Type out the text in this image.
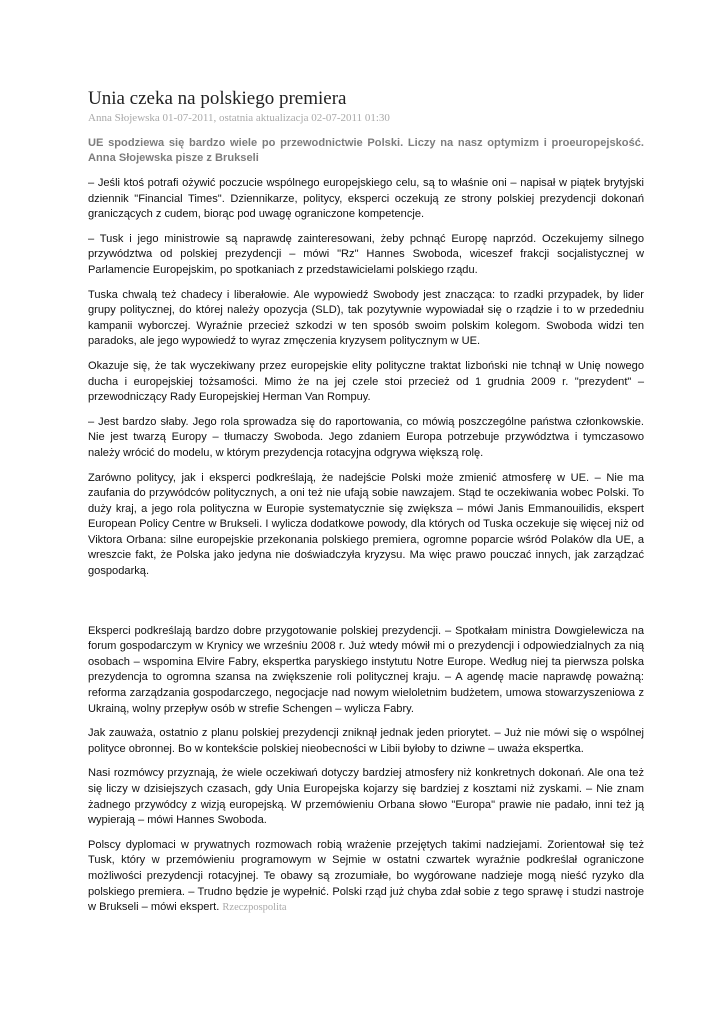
Unia czeka na polskiego premiera
Anna Słojewska 01-07-2011, ostatnia aktualizacja 02-07-2011 01:30

UE spodziewa się bardzo wiele po przewodnictwie Polski. Liczy na nasz optymizm i proeuropejskość. Anna Słojewska pisze z Brukseli

– Jeśli ktoś potrafi ożywić poczucie wspólnego europejskiego celu, są to właśnie oni – napisał w piątek brytyjski dziennik "Financial Times". Dziennikarze, politycy, eksperci oczekują ze strony polskiej prezydencji dokonań graniczących z cudem, biorąc pod uwagę ograniczone kompetencje.

– Tusk i jego ministrowie są naprawdę zainteresowani, żeby pchnąć Europę naprzód. Oczekujemy silnego przywództwa od polskiej prezydencji – mówi "Rz" Hannes Swoboda, wiceszef frakcji socjalistycznej w Parlamencie Europejskim, po spotkaniach z przedstawicielami polskiego rządu.

Tuska chwalą też chadecy i liberałowie. Ale wypowiedź Swobody jest znacząca: to rzadki przypadek, by lider grupy politycznej, do której należy opozycja (SLD), tak pozytywnie wypowiadał się o rządzie i to w przededniu kampanii wyborczej. Wyraźnie przecież szkodzi w ten sposób swoim polskim kolegom. Swoboda widzi ten paradoks, ale jego wypowiedź to wyraz zmęczenia kryzysem politycznym w UE.

Okazuje się, że tak wyczekiwany przez europejskie elity polityczne traktat lizboński nie tchnął w Unię nowego ducha i europejskiej tożsamości. Mimo że na jej czele stoi przecież od 1 grudnia 2009 r. "prezydent" – przewodniczący Rady Europejskiej Herman Van Rompuy.

– Jest bardzo słaby. Jego rola sprowadza się do raportowania, co mówią poszczególne państwa członkowskie. Nie jest twarzą Europy – tłumaczy Swoboda. Jego zdaniem Europa potrzebuje przywództwa i tymczasowo należy wrócić do modelu, w którym prezydencja rotacyjna odgrywa większą rolę.

Zarówno politycy, jak i eksperci podkreślają, że nadejście Polski może zmienić atmosferę w UE. – Nie ma zaufania do przywódców politycznych, a oni też nie ufają sobie nawzajem. Stąd te oczekiwania wobec Polski. To duży kraj, a jego rola polityczna w Europie systematycznie się zwiększa – mówi Janis Emmanouilidis, ekspert European Policy Centre w Brukseli. I wylicza dodatkowe powody, dla których od Tuska oczekuje się więcej niż od Viktora Orbana: silne europejskie przekonania polskiego premiera, ogromne poparcie wśród Polaków dla UE, a wreszcie fakt, że Polska jako jedyna nie doświadczyła kryzysu. Ma więc prawo pouczać innych, jak zarządzać gospodarką.

Eksperci podkreślają bardzo dobre przygotowanie polskiej prezydencji. – Spotkałam ministra Dowgielewicza na forum gospodarczym w Krynicy we wrześniu 2008 r. Już wtedy mówił mi o prezydencji i odpowiedzialnych za nią osobach – wspomina Elvire Fabry, ekspertka paryskiego instytutu Notre Europe. Według niej ta pierwsza polska prezydencja to ogromna szansa na zwiększenie roli politycznej kraju. – A agendę macie naprawdę poważną: reforma zarządzania gospodarczego, negocjacje nad nowym wieloletnim budżetem, umowa stowarzyszeniowa z Ukrainą, wolny przepływ osób w strefie Schengen – wylicza Fabry.

Jak zauważa, ostatnio z planu polskiej prezydencji zniknął jednak jeden priorytet. – Już nie mówi się o wspólnej polityce obronnej. Bo w kontekście polskiej nieobecności w Libii byłoby to dziwne – uważa ekspertka.

Nasi rozmówcy przyznają, że wiele oczekiwań dotyczy bardziej atmosfery niż konkretnych dokonań. Ale ona też się liczy w dzisiejszych czasach, gdy Unia Europejska kojarzy się bardziej z kosztami niż zyskami. – Nie znam żadnego przywódcy z wizją europejską. W przemówieniu Orbana słowo "Europa" prawie nie padało, inni też ją wypierają – mówi Hannes Swoboda.

Polscy dyplomaci w prywatnych rozmowach robią wrażenie przejętych takimi nadziejami. Zorientował się też Tusk, który w przemówieniu programowym w Sejmie w ostatni czwartek wyraźnie podkreślał ograniczone możliwości prezydencji rotacyjnej. Te obawy są zrozumiałe, bo wygórowane nadzieje mogą nieść ryzyko dla polskiego premiera. – Trudno będzie je wypełnić. Polski rząd już chyba zdał sobie z tego sprawę i studzi nastroje w Brukseli – mówi ekspert. Rzeczpospolita
